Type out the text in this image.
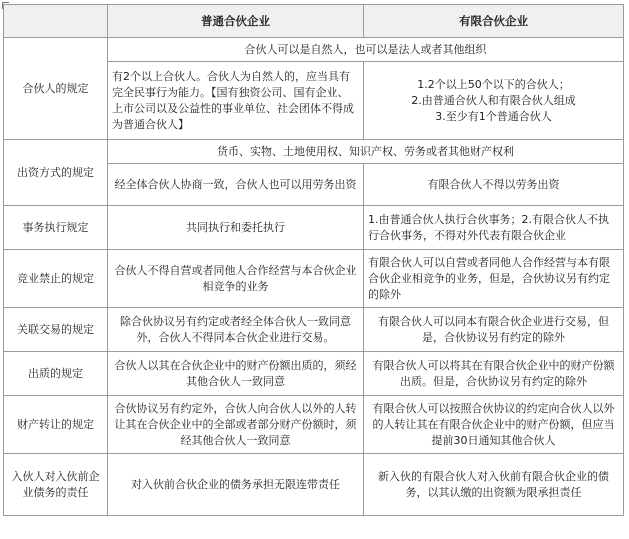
	普通合伙企业	有限合伙企业
合伙人的规定	合伙人可以是自然人，也可以是法人或者其他组织	
	有2个以上合伙人。合伙人为自然人的，应当具有完全民事行为能力。【国有独资公司、国有企业、上市公司以及公益性的事业单位、社会团体不得成为普通合伙人】	1.2个以上50个以下的合伙人；
2.由普通合伙人和有限合伙人组成
3.至少有1个普通合伙人

出资方式的规定	货币、实物、土地使用权、知识产权、劳务或者其他财产权利	
	经全体合伙人协商一致，合伙人也可以用劳务出资	有限合伙人不得以劳务出资
事务执行规定	共同执行和委托执行	1.由普通合伙人执行合伙事务；2.有限合伙人不执行合伙事务，不得对外代表有限合伙企业
竞业禁止的规定	合伙人不得自营或者同他人合作经营与本合伙企业相竞争的业务	有限合伙人可以自营或者同他人合作经营与本有限合伙企业相竞争的业务，但是，合伙协议另有约定的除外
关联交易的规定	除合伙协议另有约定或者经全体合伙人一致同意外，合伙人不得同本合伙企业进行交易。	有限合伙人可以同本有限合伙企业进行交易，但是，合伙协议另有约定的除外
出质的规定	合伙人以其在合伙企业中的财产份额出质的，须经其他合伙人一致同意	有限合伙人可以将其在有限合伙企业中的财产份额出质。但是，合伙协议另有约定的除外
财产转让的规定	合伙协议另有约定外，合伙人向合伙人以外的人转让其在合伙企业中的全部或者部分财产份额时，须经其他合伙人一致同意	有限合伙人可以按照合伙协议的约定向合伙人以外的人转让其在有限合伙企业中的财产份额，但应当提前30日通知其他合伙人
入伙人对入伙前企业债务的责任	对入伙前合伙企业的债务承担无限连带责任	新入伙的有限合伙人对入伙前有限合伙企业的债务，以其认缴的出资额为限承担责任
